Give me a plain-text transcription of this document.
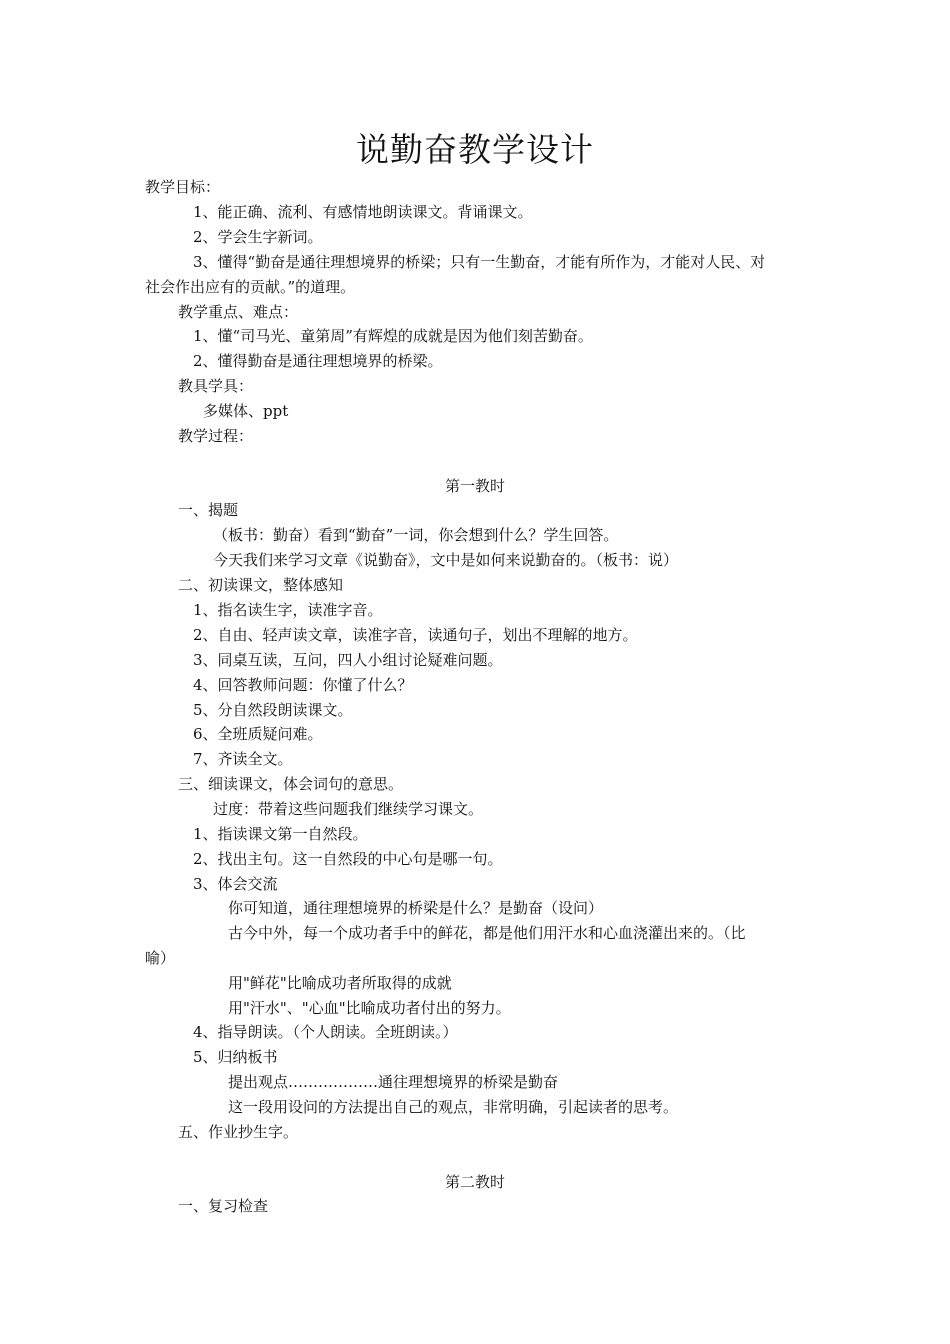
说勤奋教学设计
教学目标：
1、能正确、流利、有感情地朗读课文。背诵课文。
2、学会生字新词。
3、懂得“勤奋是通往理想境界的桥梁；只有一生勤奋，才能有所作为，才能对人民、对
社会作出应有的贡献。”的道理。
教学重点、难点：
1、懂“司马光、童第周”有辉煌的成就是因为他们刻苦勤奋。
2、懂得勤奋是通往理想境界的桥梁。
教具学具：
多媒体、ppt
教学过程：
第一教时
一、揭题
（板书：勤奋）看到“勤奋”一词，你会想到什么？学生回答。
今天我们来学习文章《说勤奋》，文中是如何来说勤奋的。（板书：说）
二、初读课文，整体感知
1、指名读生字，读准字音。
2、自由、轻声读文章，读准字音，读通句子，划出不理解的地方。
3、同桌互读，互问，四人小组讨论疑难问题。
4、回答教师问题：你懂了什么？
5、分自然段朗读课文。
6、全班质疑问难。
7、齐读全文。
三、细读课文，体会词句的意思。
过度：带着这些问题我们继续学习课文。
1、指读课文第一自然段。
2、找出主句。这一自然段的中心句是哪一句。
3、体会交流
你可知道，通往理想境界的桥梁是什么？是勤奋（设问）
古今中外，每一个成功者手中的鲜花，都是他们用汗水和心血浇灌出来的。（比
喻）
用"鲜花"比喻成功者所取得的成就
用"汗水"、"心血"比喻成功者付出的努力。
4、指导朗读。（个人朗读。全班朗读。）
5、归纳板书
提出观点………………通往理想境界的桥梁是勤奋
这一段用设问的方法提出自己的观点，非常明确，引起读者的思考。
五、作业抄生字。
第二教时
一、复习检查
